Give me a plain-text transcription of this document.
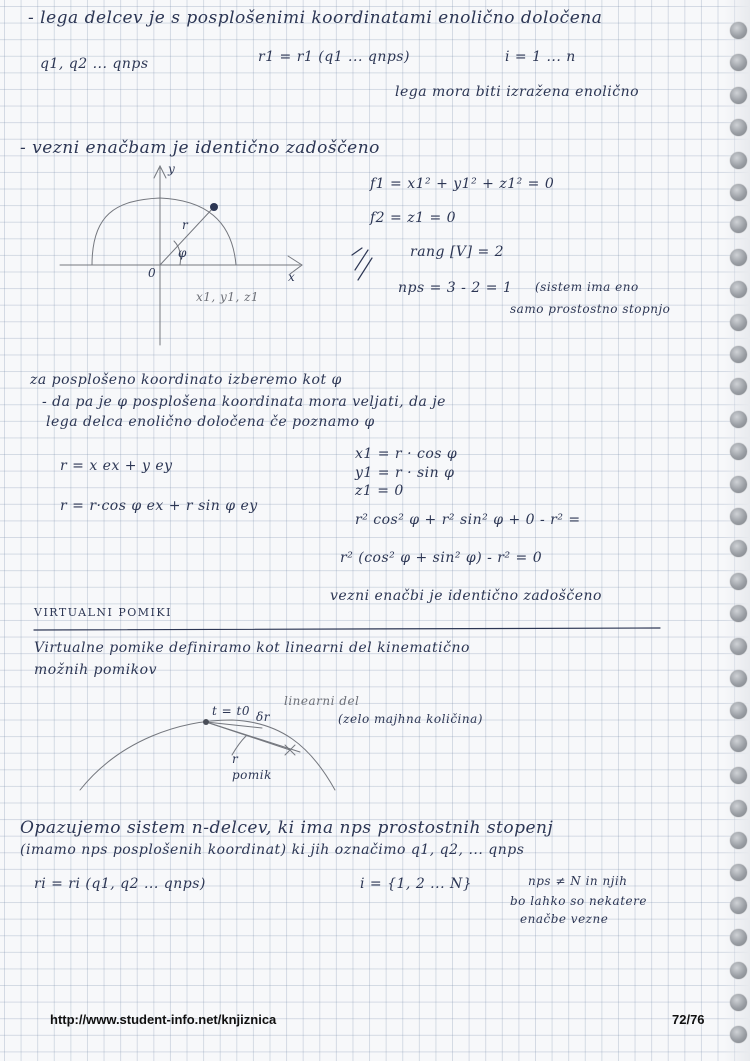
- lega delcev je s posplošenimi koordinatami enolično določena
q1, q2 ... qnps	r1 = r1 (q1 ... qnps)	i = 1 ... n
lega mora biti izražena enolično
- vezni enačbam je identično zadoščeno
y
x
r
φ
0
x1, y1, z1
f1 = x1² + y1² + z1² = 0
f2 = z1 = 0
rang [V] = 2
nps = 3 - 2 = 1 (sistem ima eno
samo prostostno stopnjo
za posplošeno koordinato izberemo kot φ
- da pa je φ posplošena koordinata mora veljati, da je
lega delca enolično določena če poznamo φ
r = x ex + y ey
r = r·cos φ ex + r sin φ ey
x1 = r · cos φ
y1 = r · sin φ
z1 = 0
r² cos² φ + r² sin² φ + 0 - r² =
r² (cos² φ + sin² φ) - r² = 0
vezni enačbi je identično zadoščeno
VIRTUALNI POMIKI
Virtualne pomike definiramo kot linearni del kinematično
možnih pomikov
t = t0 δr
linearni del
(zelo majhna količina)
r
pomik
Opazujemo sistem n-delcev, ki ima nps prostostnih stopenj
(imamo nps posplošenih koordinat) ki jih označimo q1, q2, ... qnps
ri = ri (q1, q2 ... qnps)	i = {1, 2 ... N}	nps ≠ N in njih
bo lahko so nekatere
enačbe vezne
http://www.student-info.net/knjiznica	72/76
